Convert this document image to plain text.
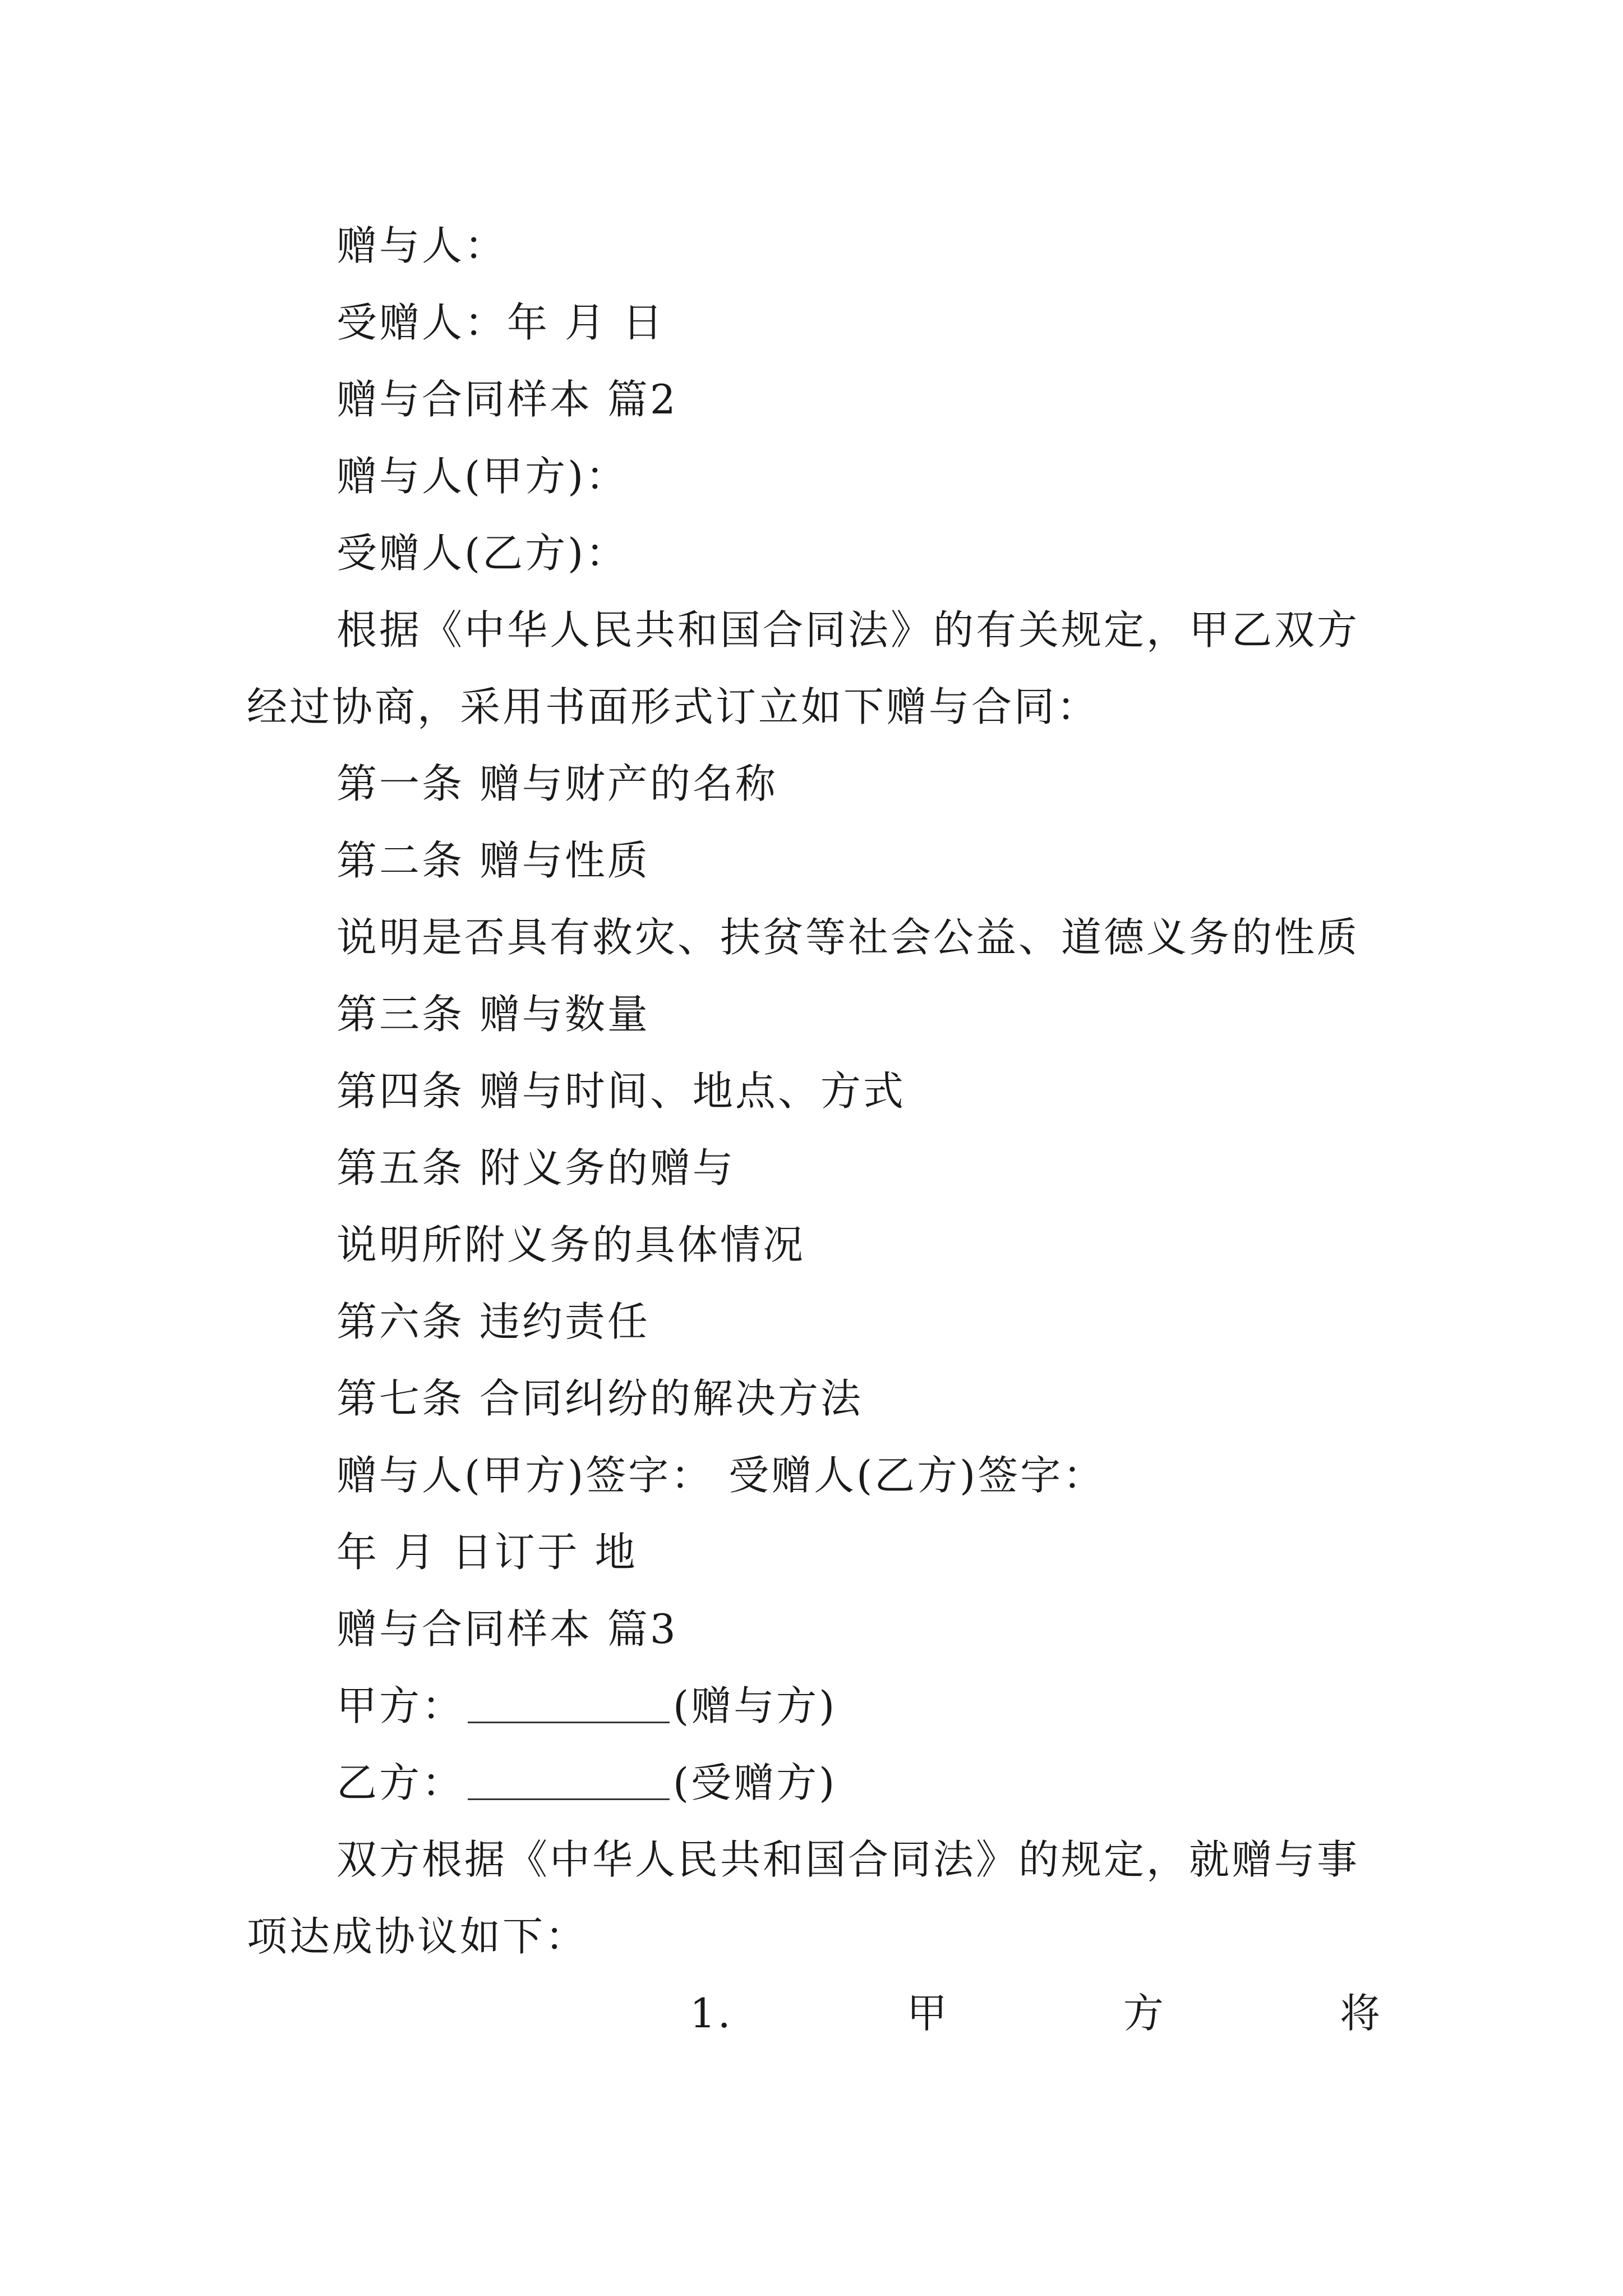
赠与人：

受赠人：年 月 日

赠与合同样本 篇2

赠与人(甲方)：

受赠人(乙方)：

根据《中华人民共和国合同法》的有关规定，甲乙双方

经过协商，采用书面形式订立如下赠与合同：

第一条 赠与财产的名称

第二条 赠与性质

说明是否具有救灾、扶贫等社会公益、道德义务的性质

第三条 赠与数量

第四条 赠与时间、地点、方式

第五条 附义务的赠与

说明所附义务的具体情况

第六条 违约责任

第七条 合同纠纷的解决方法

赠与人(甲方)签字： 受赠人(乙方)签字：

年 月 日订于 地

赠与合同样本 篇3

甲方：	(赠与方)

乙方：	(受赠方)

双方根据《中华人民共和国合同法》的规定，就赠与事

项达成协议如下：

1.	甲	方	将
